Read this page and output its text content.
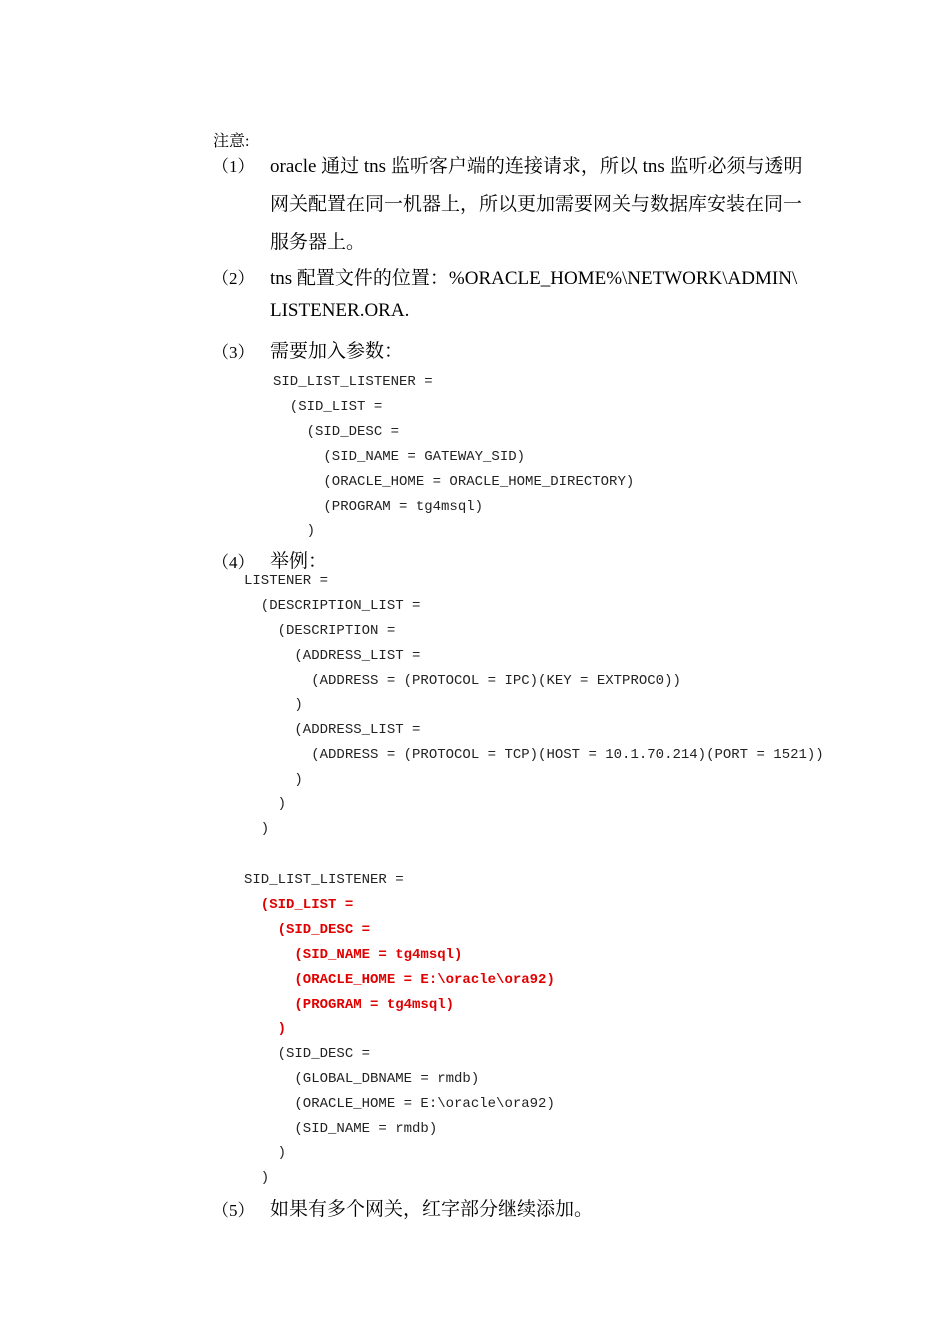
注意:
（1） oracle 通过 tns 监听客户端的连接请求，所以 tns 监听必须与透明
网关配置在同一机器上，所以更加需要网关与数据库安装在同一
服务器上。
（2） tns 配置文件的位置：%ORACLE_HOME%\NETWORK\ADMIN\
LISTENER.ORA.
（3） 需要加入参数：
SID_LIST_LISTENER =
(SID_LIST =
(SID_DESC =
(SID_NAME = GATEWAY_SID)
(ORACLE_HOME = ORACLE_HOME_DIRECTORY)
(PROGRAM = tg4msql)
)
（4） 举例：
LISTENER =
(DESCRIPTION_LIST =
(DESCRIPTION =
(ADDRESS_LIST =
(ADDRESS = (PROTOCOL = IPC)(KEY = EXTPROC0))
)
(ADDRESS_LIST =
(ADDRESS = (PROTOCOL = TCP)(HOST = 10.1.70.214)(PORT = 1521))
)
)
)
SID_LIST_LISTENER =
(SID_LIST =
(SID_DESC =
(SID_NAME = tg4msql)
(ORACLE_HOME = E:\oracle\ora92)
(PROGRAM = tg4msql)
)
(SID_DESC =
(GLOBAL_DBNAME = rmdb)
(ORACLE_HOME = E:\oracle\ora92)
(SID_NAME = rmdb)
)
)
（5） 如果有多个网关，红字部分继续添加。
